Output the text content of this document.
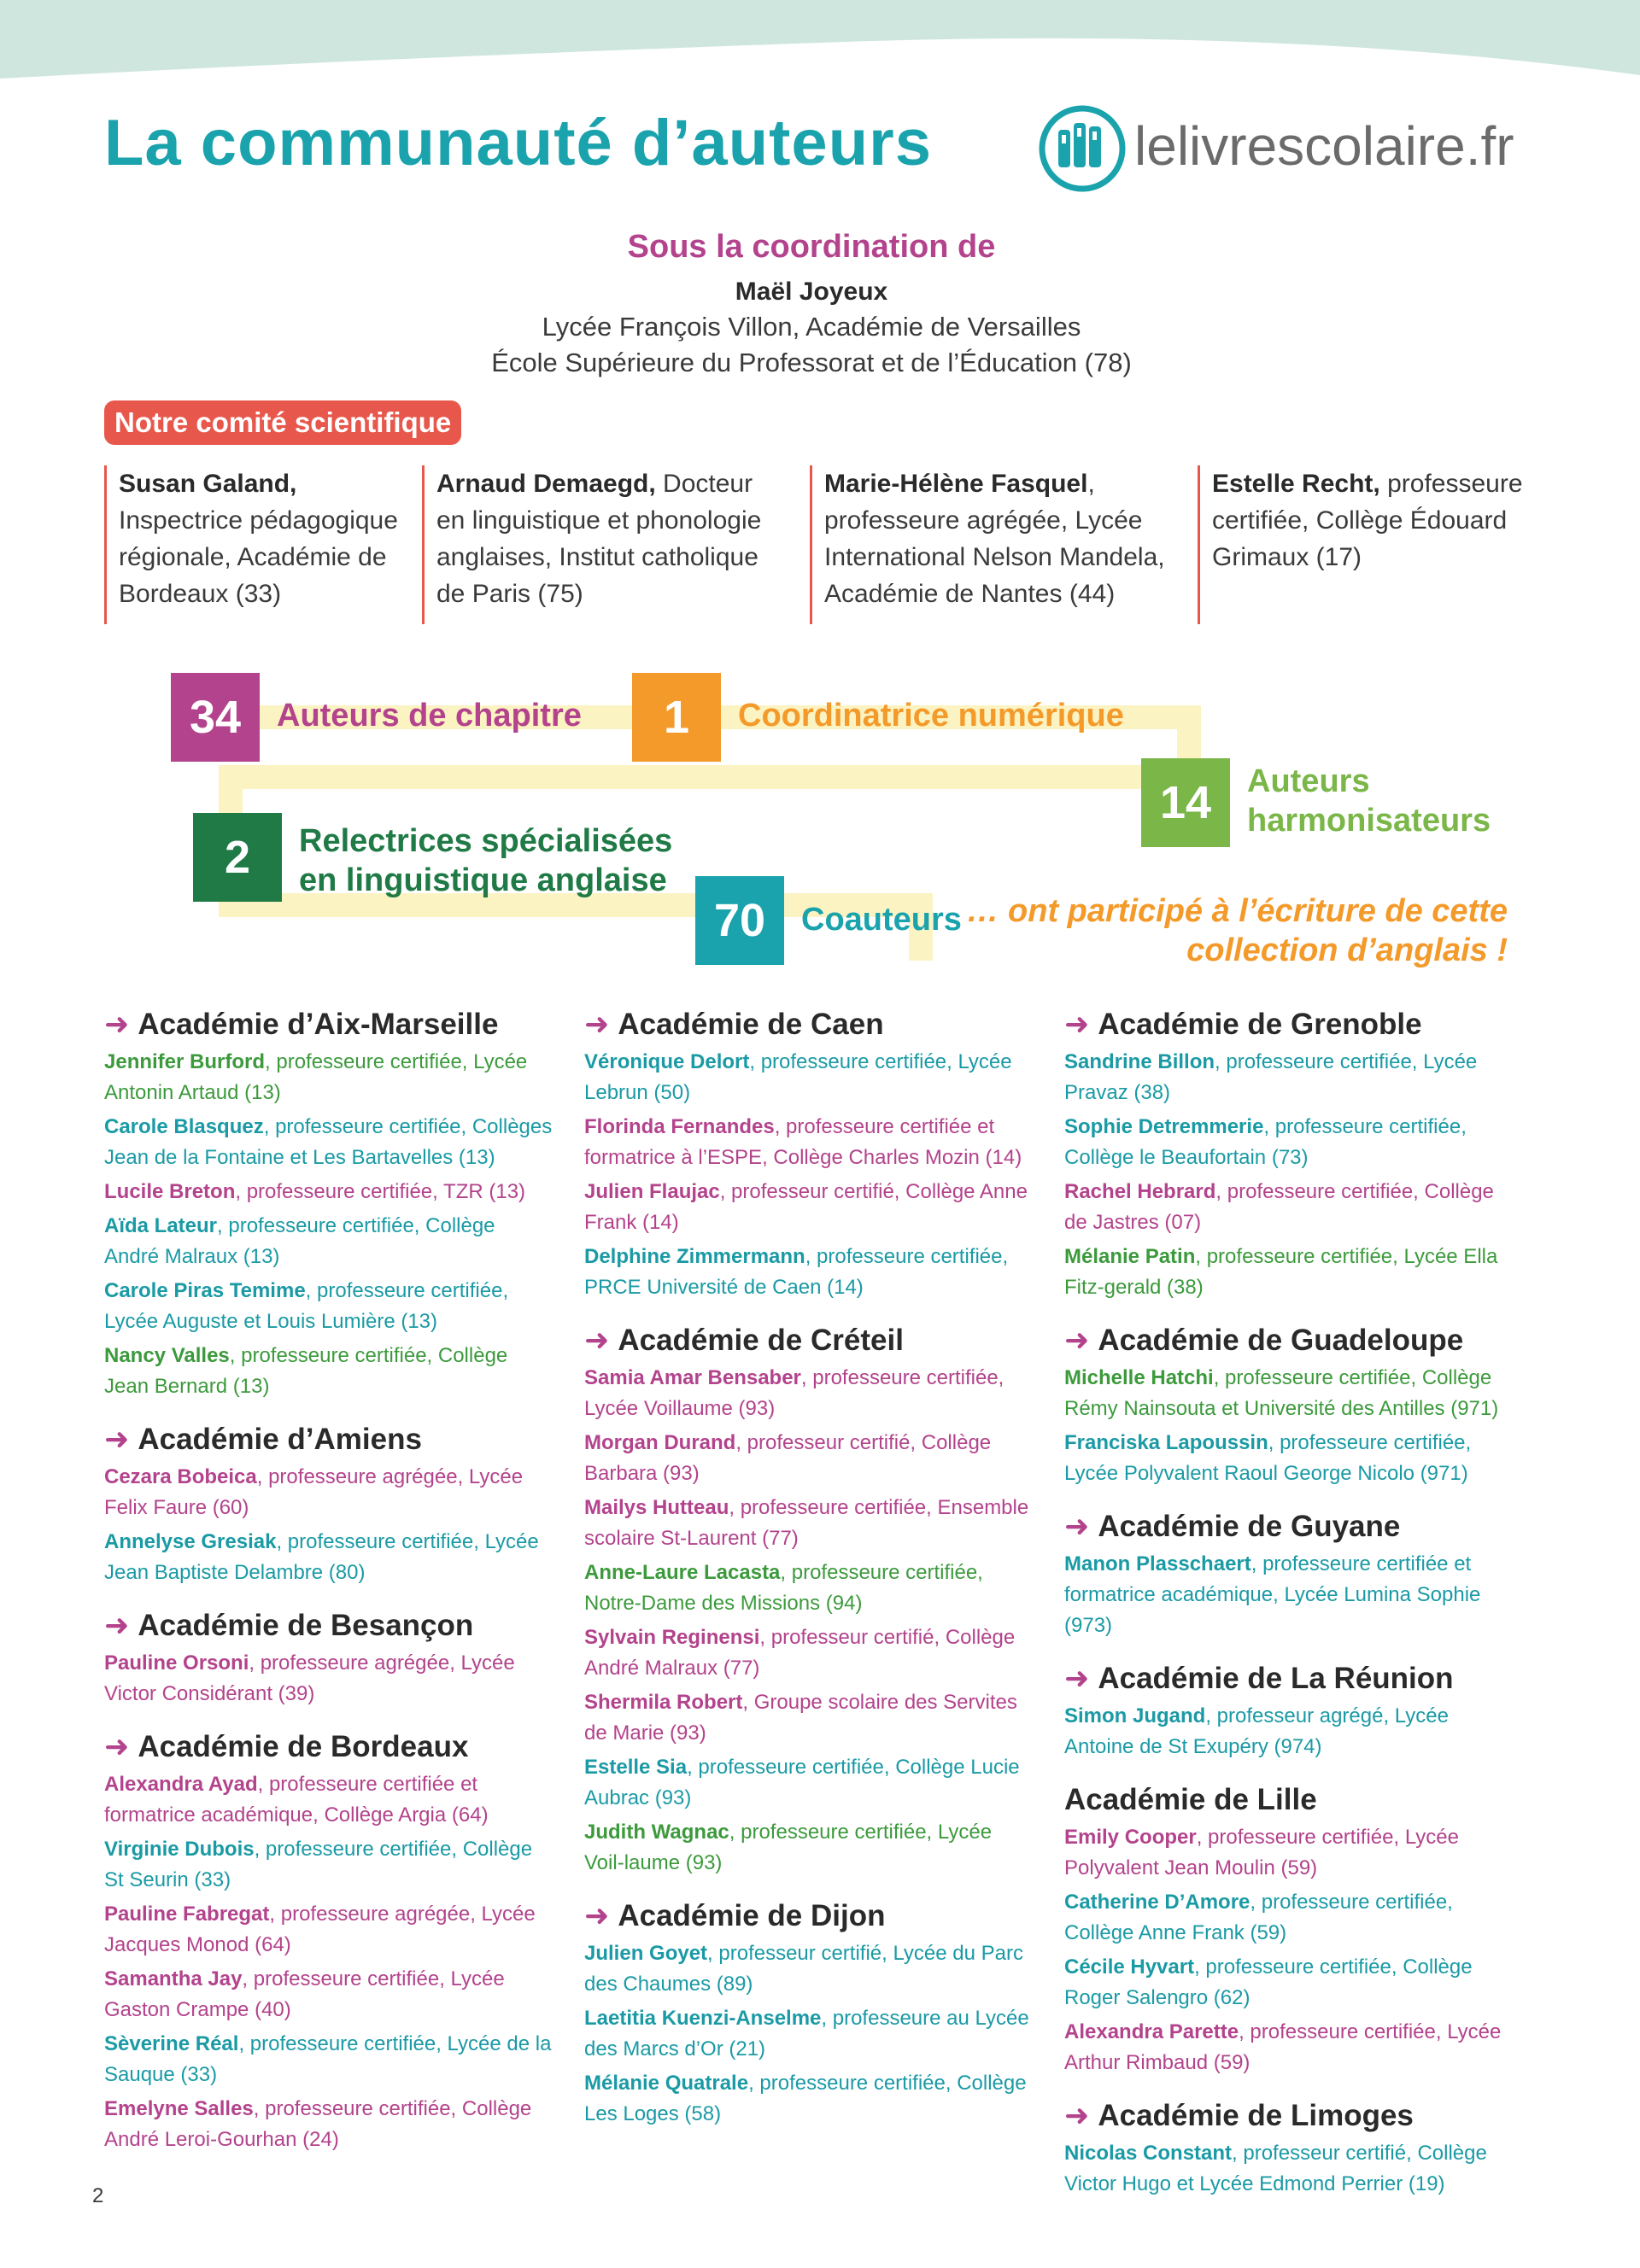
La communauté d’auteurs	lelivrescolaire.fr
Sous la coordination de
Maël Joyeux
Lycée François Villon, Académie de Versailles
École Supérieure du Professorat et de l’Éducation (78)
Notre comité scientifique
Susan Galand, Inspectrice pédagogique régionale, Académie de Bordeaux (33)
Arnaud Demaegd, Docteur en linguistique et phonologie anglaises, Institut catholique de Paris (75)
Marie-Hélène Fasquel, professeure agrégée, Lycée International Nelson Mandela, Académie de Nantes (44)
Estelle Recht, professeure certifiée, Collège Édouard Grimaux (17)
34	Auteurs de chapitre	1	Coordinatrice numérique
14	Auteurs
harmonisateurs
2	Relectrices spécialisées
en linguistique anglaise
70	Coauteurs … ont participé à l’écriture de cette
collection d’anglais !
➜ Académie d’Aix-Marseille
Jennifer Burford, professeure certifiée, Lycée Antonin Artaud (13)
Carole Blasquez, professeure certifiée, Collèges Jean de la Fontaine et Les Bartavelles (13)
Lucile Breton, professeure certifiée, TZR (13)
Aïda Lateur, professeure certifiée, Collège André Malraux (13)
Carole Piras Temime, professeure certifiée, Lycée Auguste et Louis Lumière (13)
Nancy Valles, professeure certifiée, Collège Jean Bernard (13)
➜ Académie d’Amiens
Cezara Bobeica, professeure agrégée, Lycée Felix Faure (60)
Annelyse Gresiak, professeure certifiée, Lycée Jean Baptiste Delambre (80)
➜ Académie de Besançon
Pauline Orsoni, professeure agrégée, Lycée Victor Considérant (39)
➜ Académie de Bordeaux
Alexandra Ayad, professeure certifiée et formatrice académique, Collège Argia (64)
Virginie Dubois, professeure certifiée, Collège St Seurin (33)
Pauline Fabregat, professeure agrégée, Lycée Jacques Monod (64)
Samantha Jay, professeure certifiée, Lycée Gaston Crampe (40)
Sèverine Réal, professeure certifiée, Lycée de la Sauque (33)
Emelyne Salles, professeure certifiée, Collège André Leroi-Gourhan (24)
➜ Académie de Caen
Véronique Delort, professeure certifiée, Lycée Lebrun (50)
Florinda Fernandes, professeure certifiée et formatrice à l’ESPE, Collège Charles Mozin (14)
Julien Flaujac, professeur certifié, Collège Anne Frank (14)
Delphine Zimmermann, professeure certifiée, PRCE Université de Caen (14)
➜ Académie de Créteil
Samia Amar Bensaber, professeure certifiée, Lycée Voillaume (93)
Morgan Durand, professeur certifié, Collège Barbara (93)
Mailys Hutteau, professeure certifiée, Ensemble scolaire St-Laurent (77)
Anne-Laure Lacasta, professeure certifiée, Notre-Dame des Missions (94)
Sylvain Reginensi, professeur certifié, Collège André Malraux (77)
Shermila Robert, Groupe scolaire des Servites de Marie (93)
Estelle Sia, professeure certifiée, Collège Lucie Aubrac (93)
Judith Wagnac, professeure certifiée, Lycée Voil-laume (93)
➜ Académie de Dijon
Julien Goyet, professeur certifié, Lycée du Parc des Chaumes (89)
Laetitia Kuenzi-Anselme, professeure au Lycée des Marcs d’Or (21)
Mélanie Quatrale, professeure certifiée, Collège Les Loges (58)
➜ Académie de Grenoble
Sandrine Billon, professeure certifiée, Lycée Pravaz (38)
Sophie Detremmerie, professeure certifiée, Collège le Beaufortain (73)
Rachel Hebrard, professeure certifiée, Collège de Jastres (07)
Mélanie Patin, professeure certifiée, Lycée Ella Fitz-gerald (38)
➜ Académie de Guadeloupe
Michelle Hatchi, professeure certifiée, Collège Rémy Nainsouta et Université des Antilles (971)
Franciska Lapoussin, professeure certifiée, Lycée Polyvalent Raoul George Nicolo (971)
➜ Académie de Guyane
Manon Plasschaert, professeure certifiée et formatrice académique, Lycée Lumina Sophie (973)
➜ Académie de La Réunion
Simon Jugand, professeur agrégé, Lycée Antoine de St Exupéry (974)
Académie de Lille
Emily Cooper, professeure certifiée, Lycée Polyvalent Jean Moulin (59)
Catherine D’Amore, professeure certifiée, Collège Anne Frank (59)
Cécile Hyvart, professeure certifiée, Collège Roger Salengro (62)
Alexandra Parette, professeure certifiée, Lycée Arthur Rimbaud (59)
➜ Académie de Limoges
Nicolas Constant, professeur certifié, Collège Victor Hugo et Lycée Edmond Perrier (19)
2
